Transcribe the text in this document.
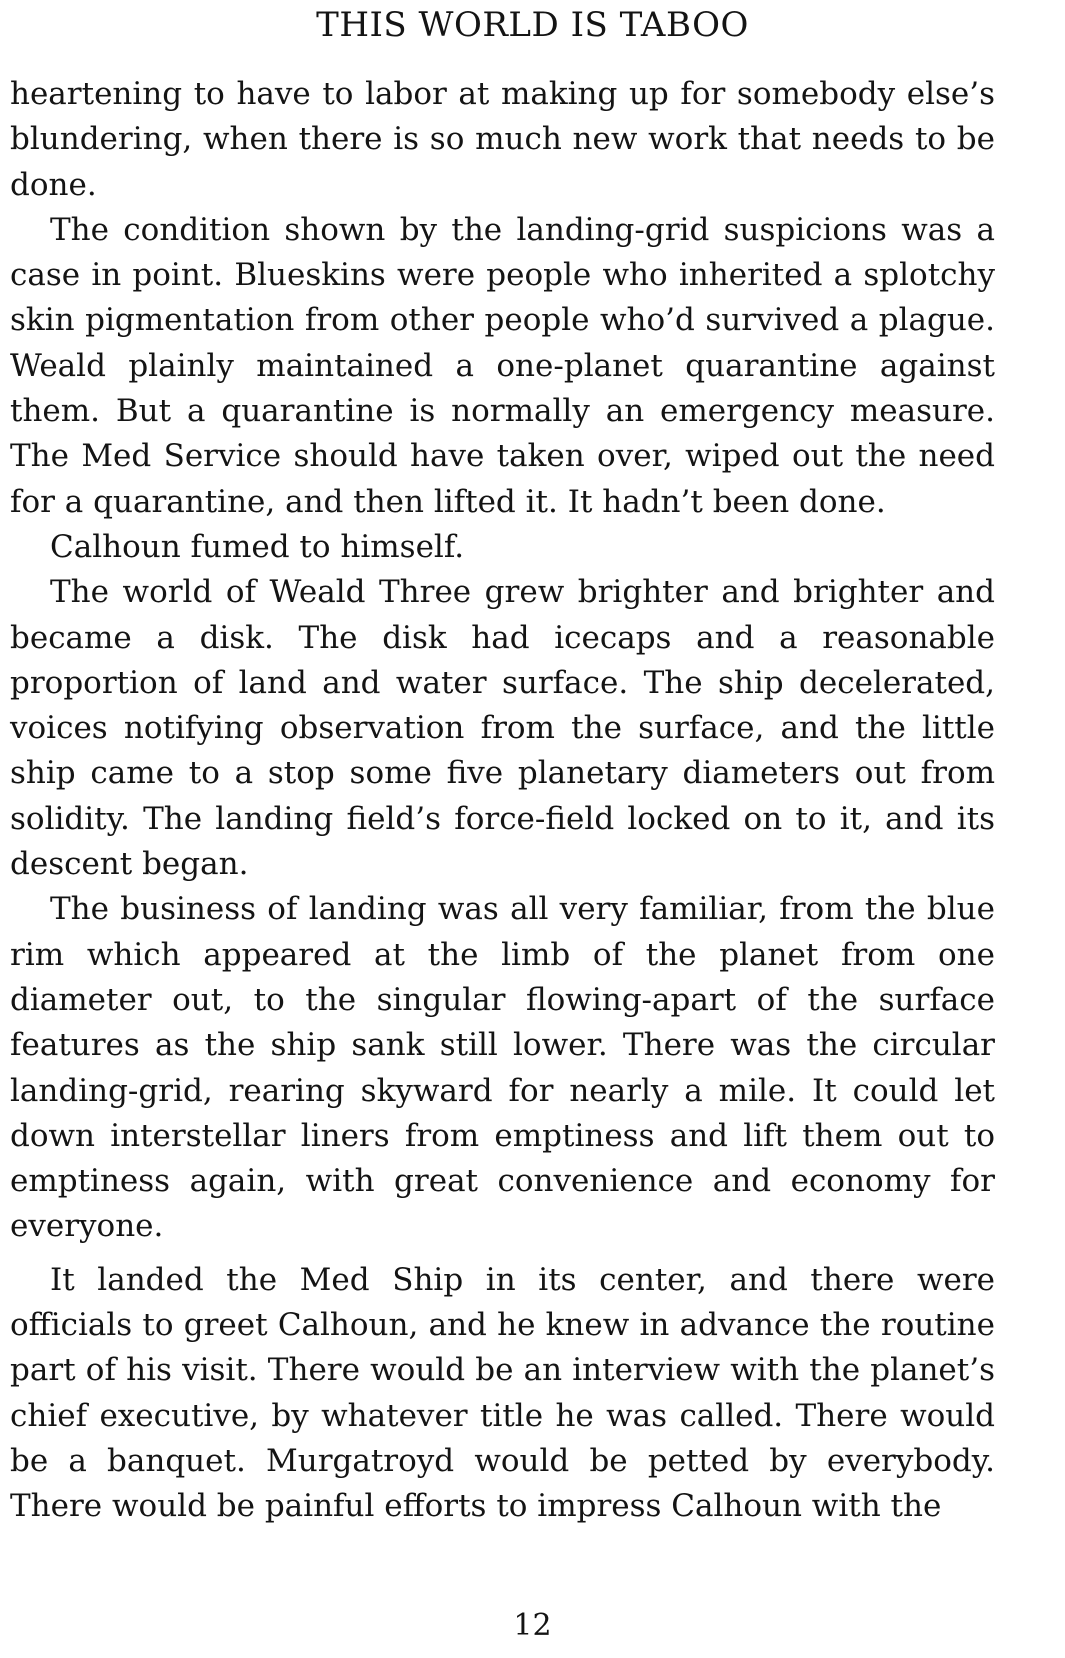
THIS WORLD IS TABOO

heartening to have to labor at making up for somebody else’s blundering, when there is so much new work that needs to be done.

The condition shown by the landing-grid suspicions was a case in point. Blueskins were people who inherited a splotchy skin pigmentation from other people who’d survived a plague. Weald plainly maintained a one-planet quarantine against them. But a quarantine is normally an emergency measure. The Med Service should have taken over, wiped out the need for a quarantine, and then lifted it. It hadn’t been done.

Calhoun fumed to himself.

The world of Weald Three grew brighter and brighter and became a disk. The disk had icecaps and a reasonable proportion of land and water surface. The ship decelerated, voices notifying observation from the surface, and the little ship came to a stop some five planetary diameters out from solidity. The landing field’s force-field locked on to it, and its descent began.

The business of landing was all very familiar, from the blue rim which appeared at the limb of the planet from one diameter out, to the singular flowing-apart of the surface features as the ship sank still lower. There was the circular landing-grid, rearing skyward for nearly a mile. It could let down interstellar liners from emptiness and lift them out to emptiness again, with great convenience and economy for everyone.

It landed the Med Ship in its center, and there were officials to greet Calhoun, and he knew in advance the routine part of his visit. There would be an interview with the planet’s chief executive, by whatever title he was called. There would be a banquet. Murgatroyd would be petted by everybody. There would be painful efforts to impress Calhoun with the

12
